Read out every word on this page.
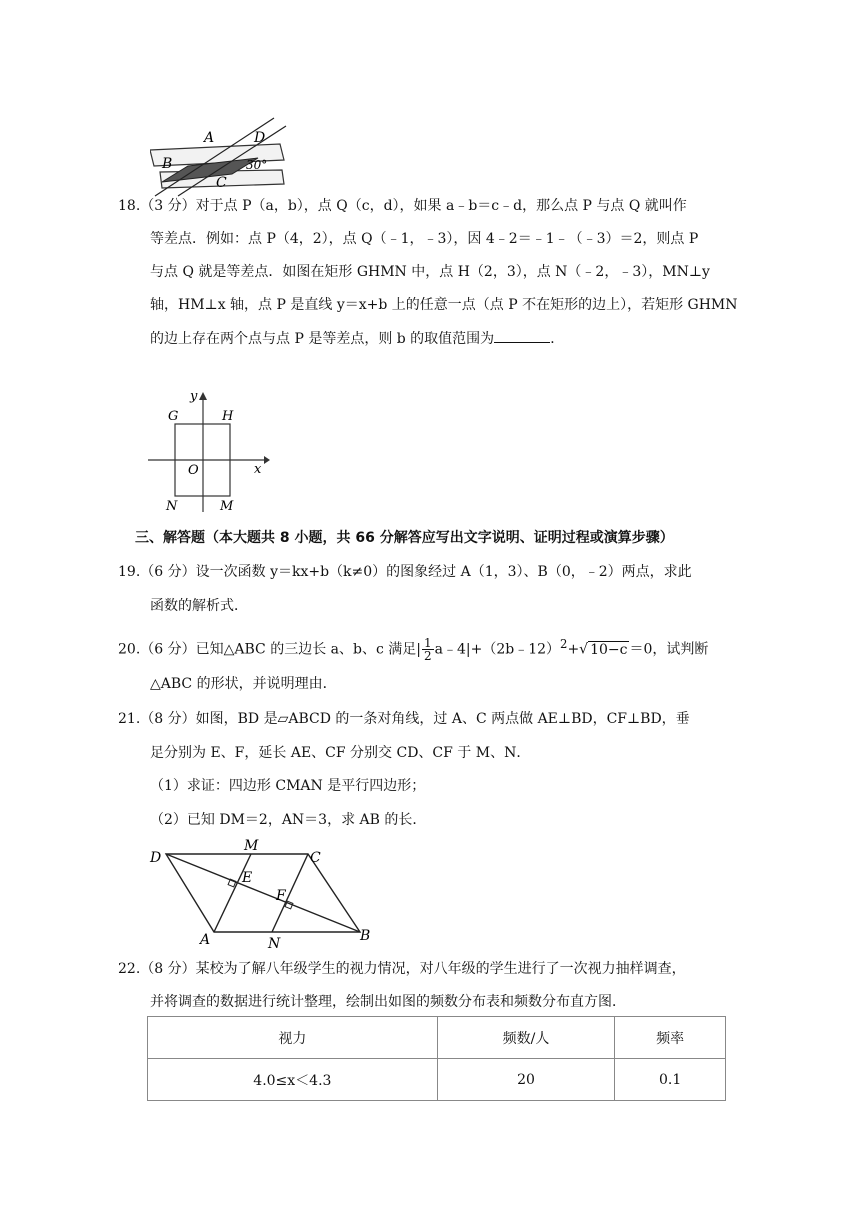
A	D
B
C
30°
18.（3 分）对于点 P（a，b），点 Q（c，d），如果 a﹣b＝c﹣d，那么点 P 与点 Q 就叫作
等差点．例如：点 P（4，2），点 Q（﹣1，﹣3），因 4﹣2＝﹣1﹣（﹣3）＝2，则点 P
与点 Q 就是等差点．如图在矩形 GHMN 中，点 H（2，3），点 N（﹣2，﹣3），MN⊥y
轴，HM⊥x 轴，点 P 是直线 y＝x+b 上的任意一点（点 P 不在矩形的边上），若矩形 GHMN
的边上存在两个点与点 P 是等差点，则 b 的取值范围为	．
y
x
G	H
O
N	M
三、解答题（本大题共 8 小题，共 66 分解答应写出文字说明、证明过程或演算步骤）
19.（6 分）设一次函数 y＝kx+b（k≠0）的图象经过 A（1，3）、B（0，﹣2）两点，求此
函数的解析式．
20.（6 分）已知△ABC 的三边长 a、b、c 满足| $\frac{1}{2}$ a﹣4|+（2b﹣12）$^2$+√ 10−c ＝0，试判断
△ABC 的形状，并说明理由．
21.（8 分）如图，BD 是▱ABCD 的一条对角线，过 A、C 两点做 AE⊥BD，CF⊥BD，垂
足分别为 E、F，延长 AE、CF 分别交 CD、CF 于 M、N．
（1）求证：四边形 CMAN 是平行四边形；
（2）已知 DM＝2，AN＝3，求 AB 的长．
D
M
C
E
F
A	N	B
22.（8 分）某校为了解八年级学生的视力情况，对八年级的学生进行了一次视力抽样调查，
并将调查的数据进行统计整理，绘制出如图的频数分布表和频数分布直方图．
视力	频数/人	频率
4.0≤x＜4.3	20	0.1
